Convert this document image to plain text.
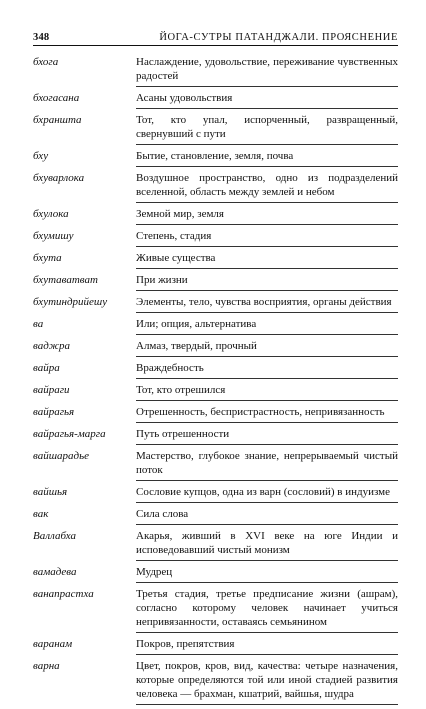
348	ЙОГА-СУТРЫ ПАТАНДЖАЛИ. ПРОЯСНЕНИЕ
бхога	Наслаждение, удовольствие, переживание чувственных радостей
бхогасана	Асаны удовольствия
бхраншта	Тот, кто упал, испорченный, развращенный, свернувший с пути
бху	Бытие, становление, земля, почва
бхуварлока	Воздушное пространство, одно из подразделений вселенной, область между землей и небом
бхулока	Земной мир, земля
бхумишу	Степень, стадия
бхута	Живые существа
бхутаватват	При жизни
бхутиндрийешу	Элементы, тело, чувства восприятия, органы действия
ва	Или; опция, альтернатива
ваджра	Алмаз, твердый, прочный
вайра	Враждебность
вайраги	Тот, кто отрешился
вайрагья	Отрешенность, беспристрастность, непривязанность
вайрагья-марга	Путь отрешенности
вайшарадье	Мастерство, глубокое знание, непрерываемый чистый поток
вайшья	Сословие купцов, одна из варн (сословий) в индуизме
вак	Сила слова
Валлабха	Акарья, живший в XVI веке на юге Индии и исповедовавший чистый монизм
вамадева	Мудрец
ванапрастха	Третья стадия, третье предписание жизни (ашрам), согласно которому человек начинает учиться непривязанности, оставаясь семьянином
варанам	Покров, препятствия
варна	Цвет, покров, кров, вид, качества: четыре назначения, которые определяются той или иной стадией развития человека — брахман, кшатрий, вайшья, шудра
